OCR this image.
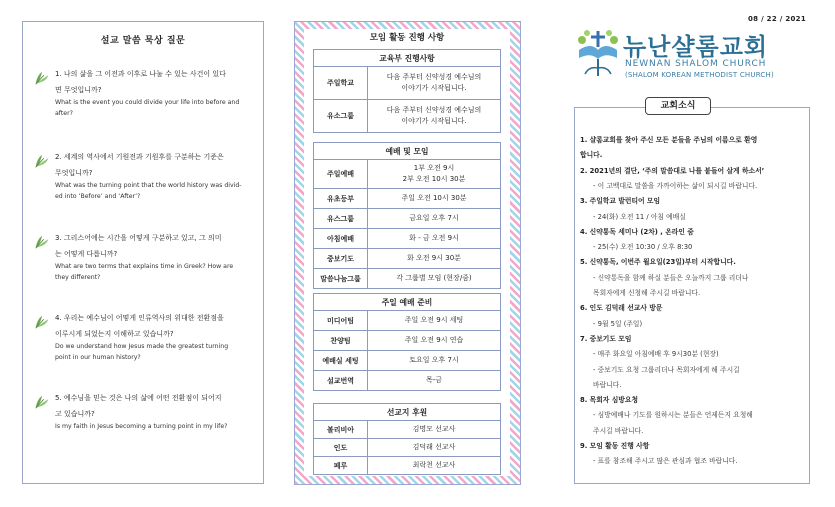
설교 말씀 묵상 질문
1. 나의 삶을 그 이전과 이후로 나눌 수 있는 사건이 있다
면 무엇입니까?
What is the event you could divide your life into before and
after?
2. 세계의 역사에서 기원전과 기원후를 구분하는 기준은
무엇입니까?
What was the turning point that the world history was divid-
ed into ‘Before’ and ‘After’?
3. 그리스어에는 시간을 어떻게 구분하고 있고, 그 의미
는 어떻게 다릅니까?
What are two terms that explains time in Greek? How are
they different?
4. 우리는 예수님이 어떻게 인류역사의 위대한 전환점을
이루시게 되었는지 이해하고 있습니까?
Do we understand how Jesus made the greatest turning
point in our human history?
5. 예수님을 믿는 것은 나의 삶에 어떤 전환점이 되어지
고 있습니까?
Is my faith in Jesus becoming a turning point in my life?
모임 활동 진행 사항
교육부 진행사항	
주일학교	다음 주부터 신약성경 예수님의
이야기가 시작됩니다.
유소그룹	다음 주부터 신약성경 예수님의
이야기가 시작됩니다.
예배 및 모임	
주일예배	1부 오전 9시
2부 오전 10시 30분
유초등부	주일 오전 10시 30분
유스그룹	금요일 오후 7시
아침예배	화 - 금 오전 9시
중보기도	화 오전 9시 30분
말씀나눔그룹	각 그룹별 모임 (현장/줌)
주일 예배 준비	
미디어팀	주일 오전 9시 세팅
찬양팀	주일 오전 9시 연습
예배실 세팅	토요일 오후 7시
설교번역	목-금
선교지 후원	
볼리비아	김명모 선교사
인도	김덕래 선교사
페루	최락천 선교사
08 / 22 / 2021
뉴난샬롬교회
NEWNAN SHALOM CHURCH
(SHALOM KOREAN METHODIST CHURCH)
교회소식
1. 샬롬교회를 찾아 주신 모든 분들을 주님의 이름으로 환영
합니다.
2. 2021년의 결단, ‘주의 말씀대로 나를 붙들어 살게 하소서’
- 이 고백대로 말씀을 가까이하는 삶이 되시길 바랍니다.
3. 주일학교 발런티어 모임
- 24(화) 오전 11 / 아침 예배실
4. 신약통독 세미나 (2차) , 온라인 줌
- 25(수) 오전 10:30 / 오후 8:30
5. 신약통독, 이번주 월요일(23일)부터 시작합니다.
- 신약통독을 함께 하실 분들은 오늘까지 그룹 리더나
목회자에게 신청해 주시길 바랍니다.
6. 인도 김덕래 선교사 방문
- 9월 5일 (주일)
7. 중보기도 모임
- 매주 화요일 아침예배 후 9시30분 (현장)
- 중보기도 요청 그룹리더나 목회자에게 해 주시길
바랍니다.
8. 목회자 심방요청
- 심방예배나 기도를 원하시는 분들은 언제든지 요청해
주시길 바랍니다.
9. 모임 활동 진행 사항
- 표를 참조해 주시고 많은 관심과 협조 바랍니다.
